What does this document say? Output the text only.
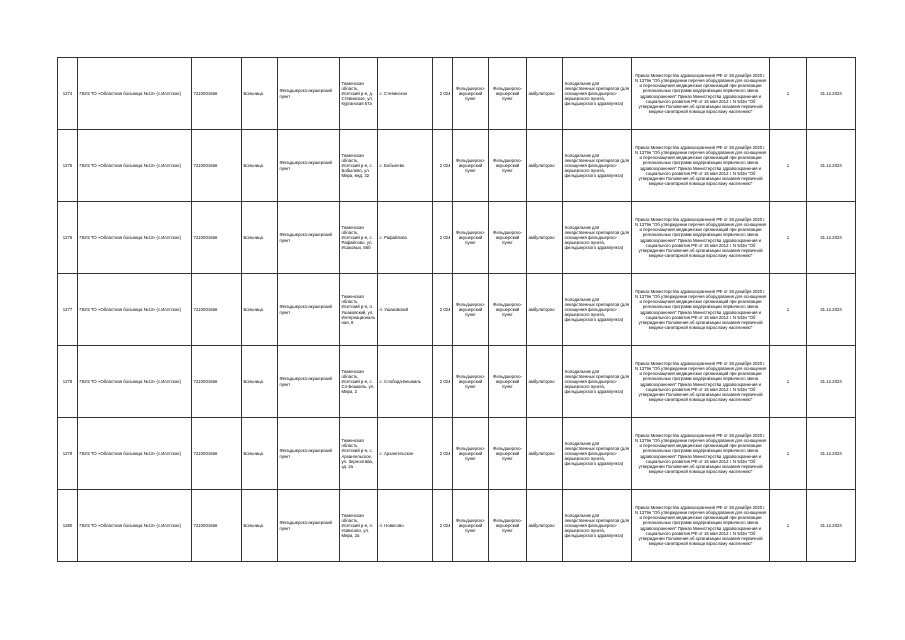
1274	ГБУЗ ТО «Областная больница №13» (с.Исетское)	7210001666	Больница	Фельдшерско-акушерский пункт	Тюменская область, Исетский р-н, д. Стевинское, ул. Курганская 57а	с. Стевинское	2 024	Фельдшерско-акушерский пункт	Фельдшерско-акушерский пункт	амбулаторно	Холодильник для лекарственных препаратов (для оснащения фельдшерско-акушерского пункта, фельдшерского здравпункта)	Приказ Министерства здравоохранения РФ от 28 декабря 2020 г. N 1379н "Об утверждении перечня оборудования для оснащения и переоснащения медицинских организаций при реализации региональных программ модернизации первичного звена здравоохранения" Приказ Министерства здравоохранения и социального развития РФ от 15 мая 2012 г. N 543н "Об утверждении Положения об организации оказания первичной медико-санитарной помощи взрослому населению"	1	31.12.2024
1275	ГБУЗ ТО «Областная больница №13» (с.Исетское)	7210001666	Больница	Фельдшерско-акушерский пункт	Тюменская область, Исетский р-н, с. Бобылево, ул. Мира, мкд. 32	с. Бобылево	2 024	Фельдшерско-акушерский пункт	Фельдшерско-акушерский пункт	амбулаторно	Холодильник для лекарственных препаратов (для оснащения фельдшерско-акушерского пункта, фельдшерского здравпункта)	Приказ Министерства здравоохранения РФ от 28 декабря 2020 г. N 1379н "Об утверждении перечня оборудования для оснащения и переоснащения медицинских организаций при реализации региональных программ модернизации первичного звена здравоохранения" Приказ Министерства здравоохранения и социального развития РФ от 15 мая 2012 г. N 543н "Об утверждении Положения об организации оказания первичной медико-санитарной помощи взрослому населению"	1	31.12.2024
1276	ГБУЗ ТО «Областная больница №13» (с.Исетское)	7210001666	Больница	Фельдшерско-акушерский пункт	Тюменская область, Исетский р-н, с. Рафайлово, ул. Исаковых, 56б	с. Рафайлово	2 024	Фельдшерско-акушерский пункт	Фельдшерско-акушерский пункт	амбулаторно	Холодильник для лекарственных препаратов (для оснащения фельдшерско-акушерского пункта, фельдшерского здравпункта)	Приказ Министерства здравоохранения РФ от 28 декабря 2020 г. N 1379н "Об утверждении перечня оборудования для оснащения и переоснащения медицинских организаций при реализации региональных программ модернизации первичного звена здравоохранения" Приказ Министерства здравоохранения и социального развития РФ от 15 мая 2012 г. N 543н "Об утверждении Положения об организации оказания первичной медико-санитарной помощи взрослому населению"	1	31.12.2024
1277	ГБУЗ ТО «Областная больница №13» (с.Исетское)	7210001666	Больница	Фельдшерско-акушерский пункт	Тюменская область, Исетский р-н, п. Ушаковский, ул. Интернациональная, 8	п. Ушаковский	2 024	Фельдшерско-акушерский пункт	Фельдшерско-акушерский пункт	амбулаторно	Холодильник для лекарственных препаратов (для оснащения фельдшерско-акушерского пункта, фельдшерского здравпункта)	Приказ Министерства здравоохранения РФ от 28 декабря 2020 г. N 1379н "Об утверждении перечня оборудования для оснащения и переоснащения медицинских организаций при реализации региональных программ модернизации первичного звена здравоохранения" Приказ Министерства здравоохранения и социального развития РФ от 15 мая 2012 г. N 543н "Об утверждении Положения об организации оказания первичной медико-санитарной помощи взрослому населению"	1	31.12.2024
1278	ГБУЗ ТО «Областная больница №13» (с.Исетское)	7210001666	Больница	Фельдшерско-акушерский пункт	Тюменская область, Исетский р-н, с. Сл-Бешкиль, ул. Мира, 2	с. Слобода-Бешкиль	2 024	Фельдшерско-акушерский пункт	Фельдшерско-акушерский пункт	амбулаторно	Холодильник для лекарственных препаратов (для оснащения фельдшерско-акушерского пункта, фельдшерского здравпункта)	Приказ Министерства здравоохранения РФ от 28 декабря 2020 г. N 1379н "Об утверждении перечня оборудования для оснащения и переоснащения медицинских организаций при реализации региональных программ модернизации первичного звена здравоохранения" Приказ Министерства здравоохранения и социального развития РФ от 15 мая 2012 г. N 543н "Об утверждении Положения об организации оказания первичной медико-санитарной помощи взрослому населению"	1	31.12.2024
1279	ГБУЗ ТО «Областная больница №13» (с.Исетское)	7210001666	Больница	Фельдшерско-акушерский пункт	Тюменская область, Исетский р-н, с. Архангельское, ул. Зерноотава, зд. 2а	с. Архангельское	2 024	Фельдшерско-акушерский пункт	Фельдшерско-акушерский пункт	амбулаторно	Холодильник для лекарственных препаратов (для оснащения фельдшерско-акушерского пункта, фельдшерского здравпункта)	Приказ Министерства здравоохранения РФ от 28 декабря 2020 г. N 1379н "Об утверждении перечня оборудования для оснащения и переоснащения медицинских организаций при реализации региональных программ модернизации первичного звена здравоохранения" Приказ Министерства здравоохранения и социального развития РФ от 15 мая 2012 г. N 543н "Об утверждении Положения об организации оказания первичной медико-санитарной помощи взрослому населению"	1	31.12.2024
1280	ГБУЗ ТО «Областная больница №13» (с.Исетское)	7210001666	Больница	Фельдшерско-акушерский пункт	Тюменская область, Исетский р-н, п. Новисово, ул. Мира, 2а	п. Новисово	2 024	Фельдшерско-акушерский пункт	Фельдшерско-акушерский пункт	амбулаторно	Холодильник для лекарственных препаратов (для оснащения фельдшерско-акушерского пункта, фельдшерского здравпункта)	Приказ Министерства здравоохранения РФ от 28 декабря 2020 г. N 1379н "Об утверждении перечня оборудования для оснащения и переоснащения медицинских организаций при реализации региональных программ модернизации первичного звена здравоохранения" Приказ Министерства здравоохранения и социального развития РФ от 15 мая 2012 г. N 543н "Об утверждении Положения об организации оказания первичной медико-санитарной помощи взрослому населению"	1	31.12.2024
